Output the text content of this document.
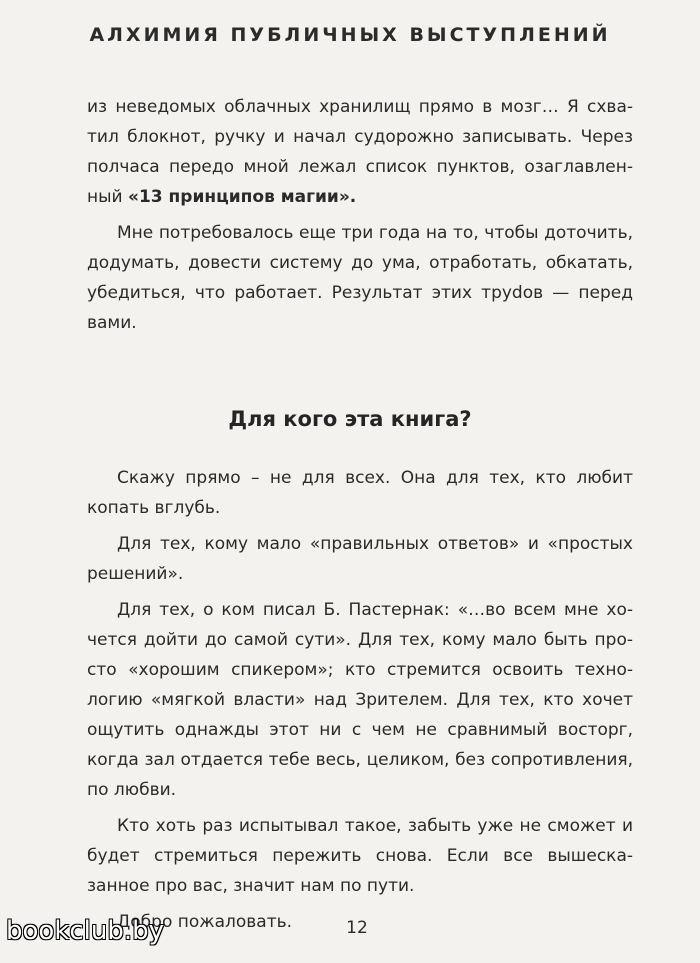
АЛХИМИЯ ПУБЛИЧНЫХ ВЫСТУПЛЕНИЙ

из неведомых облачных хранилищ прямо в мозг… Я схватил блокнот, ручку и начал судорожно записывать. Через полчаса передо мной лежал список пунктов, озаглавленный «13 принципов магии».

Мне потребовалось еще три года на то, чтобы доточить, додумать, довести систему до ума, отработать, обкатать, убедиться, что работает. Результат этих труdов — перед вами.

Для кого эта книга?

Скажу прямо – не для всех. Она для тех, кто любит копать вглубь.

Для тех, кому мало «правильных ответов» и «простых решений».

Для тех, о ком писал Б. Пастернак: «…во всем мне хочется дойти до самой сути». Для тех, кому мало быть просто «хорошим спикером»; кто стремится освоить технологию «мягкой власти» над Зрителем. Для тех, кто хочет ощутить однажды этот ни с чем не сравнимый восторг, когда зал отдается тебе весь, целиком, без сопротивления, по любви.

Кто хоть раз испытывал такое, забыть уже не сможет и будет стремиться пережить снова. Если все вышесказанное про вас, значит нам по пути.

Добро пожаловать.	12
bookclub.by
